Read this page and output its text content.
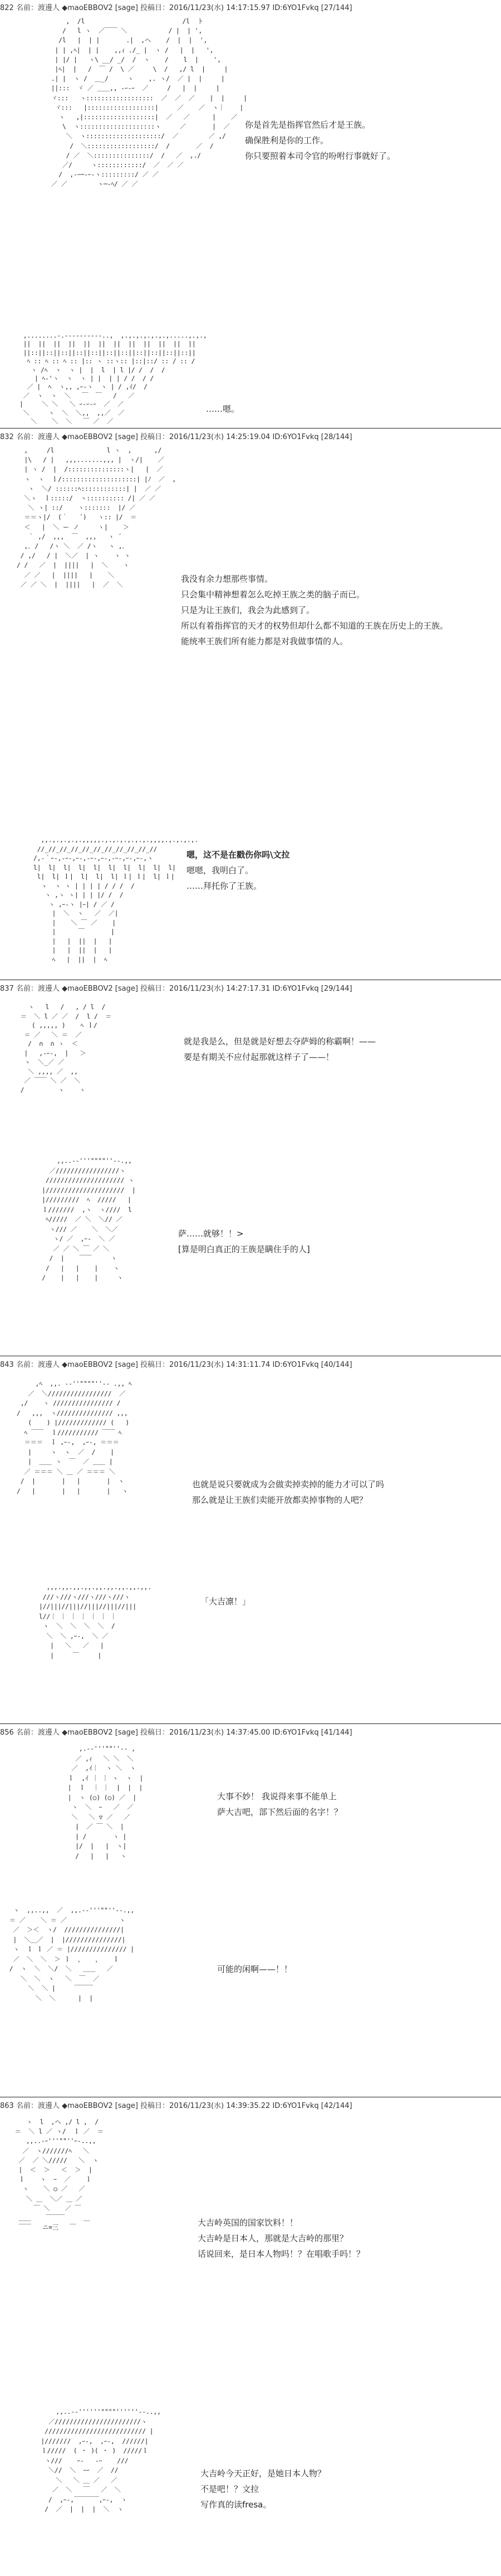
822 名前：渡邊人 ◆maoEBBOV2 [sage] 投稿日：2016/11/23(水) 14:17:15.97 ID:6YO1Fvkq [27/144]
,  /l                          /l  ト
/   l ヽ  ／￣￣ ＼           / |  | ',
/l   |  | |       .|  ,ヘ    /  |  |  ',
| | ,ﾍ|  | |    ,,ｨ ./_ |  ヽ /   |  |   ',
| |/ |   ヽ\ __/ _/  /  ヽ    /    l  |    ',
|ﾍ|  |   /  ￣ /  \ ／     \  /   ,/ l  |     |
.| |  ヽ /  ＿_/     ヽ    ,. ヽ/  ／ |  |     |
||:::  ヾ ／ ＿＿,, -ｰ-ｰ  ／     /   |  |     |
ヾ:::   ヽ::::::::::::::::::  ／  ／  ／    |  |     |
ヾ:::   |::::::::::::::::::|     ／    ／  ヽ｜    |
ヽ   ,|:::::::::::::::::::|  ／   ／      |    ／
\  ヽ::::::::::::::::::::ヽ     ／       |  ／
＼  ヽ::::::::::::::::::::/  ／        ／ ,/
/  ＼::::::::::::::::::/  /       ／  /
/ ／  ＼:::::::::::::::/  /   ／  ,./
／/     ヽ::::::::::::/  ／  ／ ／
/  ,-ｰ─‐ｰ-ヽ:::::::::/ ／ ／
／ ／        ヽ─‐ﾍ/ ／ ／

你是首先是指挥官然后才是王族。
确保胜利是你的工作。
你只要照着本司令官的吩咐行事就好了。
,........-.----------..,  ,.,.,.,.,.,.,.....,.,.,
||  ||  ||  ||  ||  ||  ||  ||  ||  ||  ||  ||
||::||::||::||::||::||::||::||::||::||::||::||
ﾍ :: ﾍ :: ﾍ :: |:: ヽ ::ヽ:: |::|::/ :: / :: /
ヽ /ﾍ  ヽ  ヽ |  |  l  | l |/ /  /  /
| ﾍ‐'ヽ  ヽ  ヽ | |  | | / /  / /
／ |  ﾍ  ヽ,, ,ｰ-ヽ  ヽ | / ,ｲ/  /
／  ヽ  ヽ  ＼   ￣  ￣   /   ／
|     ＼ ＼   ＼ ｰ-ｰ-ｰ  ／  ／
＼     ヽ  ＼  ＼,,  ,,／  ／
＼    ＼  ＼   ￣ ／  ／

……嗯。
832 名前：渡邊人 ◆maoEBBOV2 [sage] 投稿日：2016/11/23(水) 14:25:19.04 ID:6YO1Fvkq [28/144]
,     /l              l ヽ  ,      ,/
|\   / |   ,,,.......,,, |  ヽ/|    ／
| ヽ /  |  /:::::::::::::::ヽ|   |  ／
ヽ  ヽ  ｌ/::::::::::::::::::::| |ﾉ  ／  ,
ヽ  ＼/ ::::::ﾍ::::::::::::| |  ／ ／
＼ヽ  ｌ:::::/  ヽ:::::::::: /| ／ ／
＼ ヽ| ::/    ヽ:::::::  |/ ／
＝＝ヽ|/  (｀   ´)   ヽ:: |/  ＝
＜   |  ＼ ー ノ     ヽ|    ＞
｀ ,/  ,,,  ￣  ,,,   ヽ ´
,､ /   /ヽ ＼  ／ /ヽ   ヽ ,､
/ ,/   / |  ＼／  | ヽ    ヽ ヽ
/ /   ／  |  ||||   |  ＼    ヽ
／ ／   |  ||||   |    ＼
／ ／ ＼  |  ||||   |  ／  ＼

我没有余力想那些事情。
只会集中精神想着怎么吃掉王族之类的脑子而已。
只是为让王族们，我会为此感到了。
所以有着指挥官的天才的权势但却什么都不知道的王族在历史上的王族。
能统率王族们所有能力都是对我做事情的人。
,,.,.,.,.,.,,,,,.,.,.,.,.,.,.,,,,.,.,.,.,.
//_//_//_//_//_//_//_//_//_//_//
/,-｀ｰ-,-ｰ-,ｰ-,-ｰ-,ｰ-,-ｰ-,ｰ-,ｰ-,ヽ
l|  l|  l|  l|  l|  l|  l|  l|  l|  l|
l|  l| ｌ|  l|  l|  l| ｌ| ｌ|  l| ｌ|
ヽ  ヽ ヽ | | | | / / /  /
ヽ ,ヽ ヽ| | | |/ /  /
ヽ ,ｰ-ヽ |ｰ| / ／ /
|  ＼  ヽ   ／  ／|
|    ＼ ￣ ／    |
|      ￣       |
|   |  ||  |   |
|   |  ||  |   |
ﾍ   |  ||  |  ﾍ

嗯，这不是在戳伤你吗\文拉
嗯嗯，我明白了。
……拜托你了王族。
837 名前：渡邊人 ◆maoEBBOV2 [sage] 投稿日：2016/11/23(水) 14:27:17.31 ID:6YO1Fvkq [29/144]
ヽ   l   /   , / l  /
＝  ＼ l ／ ／  /  l /  ＝
( ,,,,, )    ﾍ ｌ/
＝ ／   ＼ ＝  ／
/  ∩  ∩ ヽ  ＜
|   ,-ｰ-,  |   ＞
ヽ  ＼_／ ／
＼ ,,,, ／  ,,
／ ￣￣ ＼ ／  ＼
/         ヽ    ヽ

就是我是么，但是就是好想去夺萨姆的称霸啊！——
要是有期关不应付起那就这样子了——！
,,..-‐'''""""''‐-.,,
／/////////////////ヽ
///////////////////// ヽ
|/////////////////////  |
|/////////  ﾍ  /////   |
ｌ///////  ,ヽ  ヽ////  l
ﾍ/////  ／ ＼  ＼// ／
ヽ/// ／    ＼  ＼／
ヽ/ ／  ,ｰ-  ＼ ／
／ ／ ＼ ￣ ／ ＼
/  |    ￣￣     ヽ
/   |   |    |    ヽ
/    |   |    |     ヽ

萨……就够！！>
[算是明白真正的王族是瞒住手的人]
843 名前：渡邊人 ◆maoEBBOV2 [sage] 投稿日：2016/11/23(水) 14:31:11.74 ID:6YO1Fvkq [40/144]
,ﾍ  ,,. -‐''""""''‐- .,, ﾍ
／  ＼/////////////////  ／
,/    ヽ //////////////// /
/   ,,,  ヽ/////////////// ,,,
(    ) |///////////// (   )
ﾍ ￣￣  ｌ/////////// ￣￣ ﾍ
＝＝＝  ｌ ,ｰ-,  ,ｰ-, ＝＝＝
|     ヽ  ヽ  ／  /    |
|  ＿＿ ヽ  ￣  ／ ＿＿ |
／ ＝＝＝ ＼ ＿ ／ ＝＝＝ ＼
/  |       |   |       |  ヽ
/   |       |   |       |   ヽ

也就是说只要就成为会做卖掉卖掉的能力才可以了吗
那么就是让王族们卖能开放都卖掉事物的人吧？
,,,.,,.,,.,,.,,.,,.,,.,,.,,.
///ヽ///ヽ///ヽ///ヽ///ヽ
|//|||//|||//|||//|||//|||
l//｜ ｜ ｜ ｜ ｜ ｜ ｜
ヽ  ＼  ＼  ＼  ＼  /
＼  ＼ ,ｰ-,  ＼ ／
|   ＼   ／   |
|     ￣     |

「大吉凛！」
856 名前：渡邊人 ◆maoEBBOV2 [sage] 投稿日：2016/11/23(水) 14:37:45.00 ID:6YO1Fvkq [41/144]
,.-‐'''""''‐- ,
／ ,ｨ   ＼ ＼  ＼
／  ,ｲ｜  ヽ ＼  ヽ
ｌ  ,ｲ ｜ ｜ ヽ  ヽ  |
|  ｌ  ｜ ｜  |  |  |
|  ヽ (○) (○) ／  |
ヽ  ＼  ｰ   ／  ／
＼   ＼ ▽ ／   ／
|  ／ ￣ ＼  |
| /       ヽ |
|/  |   |  ヽ|
/   |   |   ヽ

大事不妙！ 我说得来事不能单上
萨大吉吧，部下然后面的名字！？
ヽ  ,,..,,  ／  ,,.-‐'''""''‐-.,,
＝ ／    ＼ ＝ ／              ヽ
／  ＞＜  ヽ/  ///////////////|
|  ＼＿／  |  |///////////////|
ヽ  ｌ ｌ ／ ＝ |/////////////// |
／  ＼  ＼  ＞ ｌ  ，   ，   ｌ
/  ヽ  ＼  ＼/  ＼   ＿＿   ／
＼  ＼  ヽ   ＼  ￣  ／
＼  ＼ |     ￣￣￣
＼  ＼      |  |

可能的闲啊——！！
863 名前：渡邊人 ◆maoEBBOV2 [sage] 投稿日：2016/11/23(水) 14:39:35.22 ID:6YO1Fvkq [42/144]
ヽ  l  ,ヘ ,/ l ,  /
＝  ＼ l ／ ヽ/  ｌ ／  ＝
,,..-ｰ'''""''ｰ-..,,
／  ヽ///////ﾍ   ＼
／  ／ ＼/////   ＼  ヽ
|  ＜  ＞   ＜  ＞  |
ｌ    ヽ  ｰ  ／    ｌ
ヽ    ＼ ○ ／   ／
＼ ＿  ＼／ ＿ ／
￣ ＼    ／ ￣
＿＿    ￣￣￣     ＿
￣￣   ニ=三   ￣	大吉岭英国的国家饮料！！
大吉岭是日本人，那就是大吉岭的那里？
话说回来，是日本人物吗！？在唱歌手吗！？
,,..-‐''''''""""''''''‐-..,,
／///////////////////////ヽ
/////////////////////////// |
|///////  ,ｰ-,  ,ｰ-,  //////|
ｌ/////  ( ・ )( ・ )  /////ｌ
ヽ///    ｰ-   -ｰ    ///
＼//  ＼  ｰｰ  ／  //
＼   ＼ ＿ ／   ／
／  ＼   ￣   ／  ＼
/  ,ｰ-,￣￣￣￣,ｰ-,  ヽ
/  ／  |  |  |  ＼  ヽ

大吉岭今天正好，是她日本人物？
不是吧！？文拉
写作真的读fresa。
